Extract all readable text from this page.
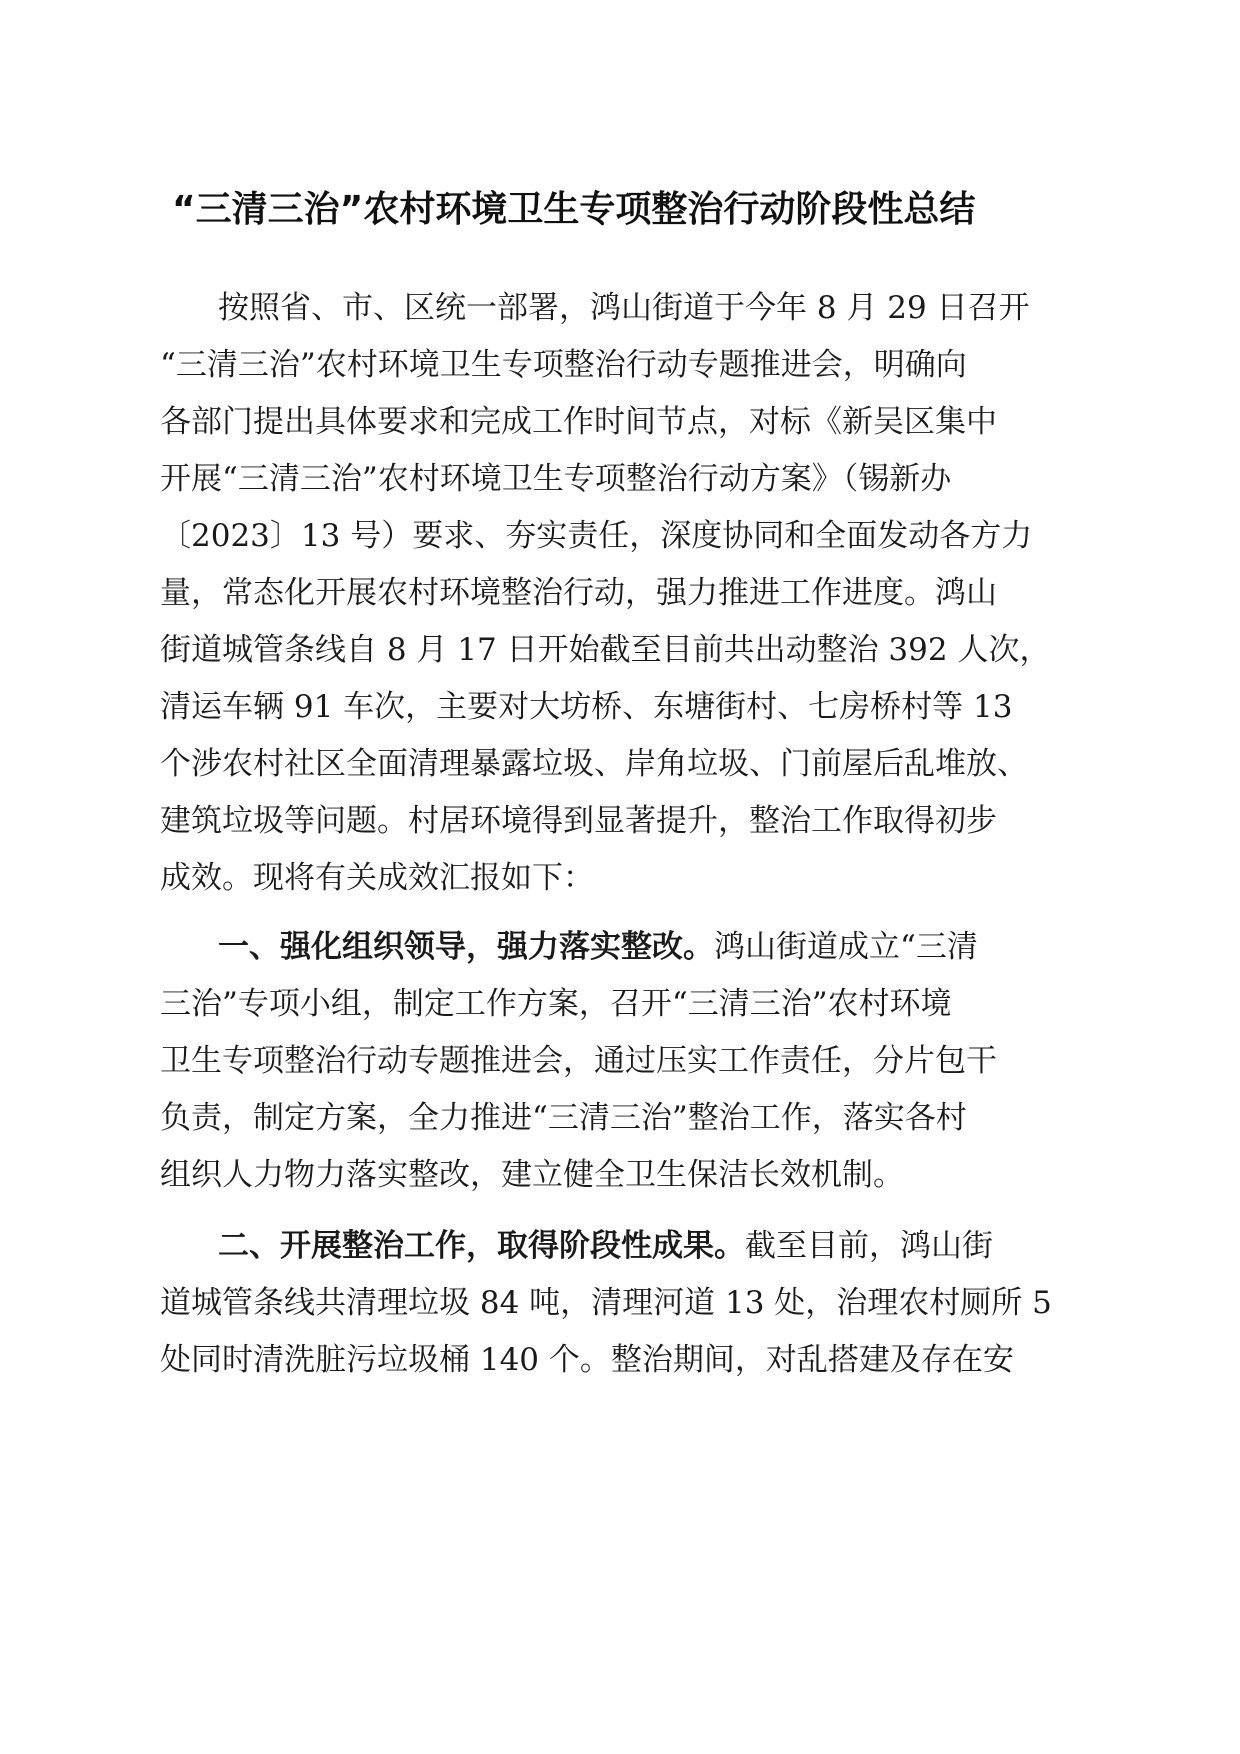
“三清三治”农村环境卫生专项整治行动阶段性总结
按照省、市、区统一部署，鸿山街道于今年 8 月 29 日召开
“三清三治”农村环境卫生专项整治行动专题推进会，明确向
各部门提出具体要求和完成工作时间节点，对标《新吴区集中
开展“三清三治”农村环境卫生专项整治行动方案》（锡新办
〔2023〕13 号）要求、夯实责任，深度协同和全面发动各方力
量，常态化开展农村环境整治行动，强力推进工作进度。鸿山
街道城管条线自 8 月 17 日开始截至目前共出动整治 392 人次，
清运车辆 91 车次，主要对大坊桥、东塘街村、七房桥村等 13
个涉农村社区全面清理暴露垃圾、岸角垃圾、门前屋后乱堆放、
建筑垃圾等问题。村居环境得到显著提升，整治工作取得初步
成效。现将有关成效汇报如下：
一、强化组织领导，强力落实整改。鸿山街道成立“三清
三治”专项小组，制定工作方案，召开“三清三治”农村环境
卫生专项整治行动专题推进会，通过压实工作责任，分片包干
负责，制定方案，全力推进“三清三治”整治工作，落实各村
组织人力物力落实整改，建立健全卫生保洁长效机制。
二、开展整治工作，取得阶段性成果。截至目前，鸿山街
道城管条线共清理垃圾 84 吨，清理河道 13 处，治理农村厕所 5
处同时清洗脏污垃圾桶 140 个。整治期间，对乱搭建及存在安
